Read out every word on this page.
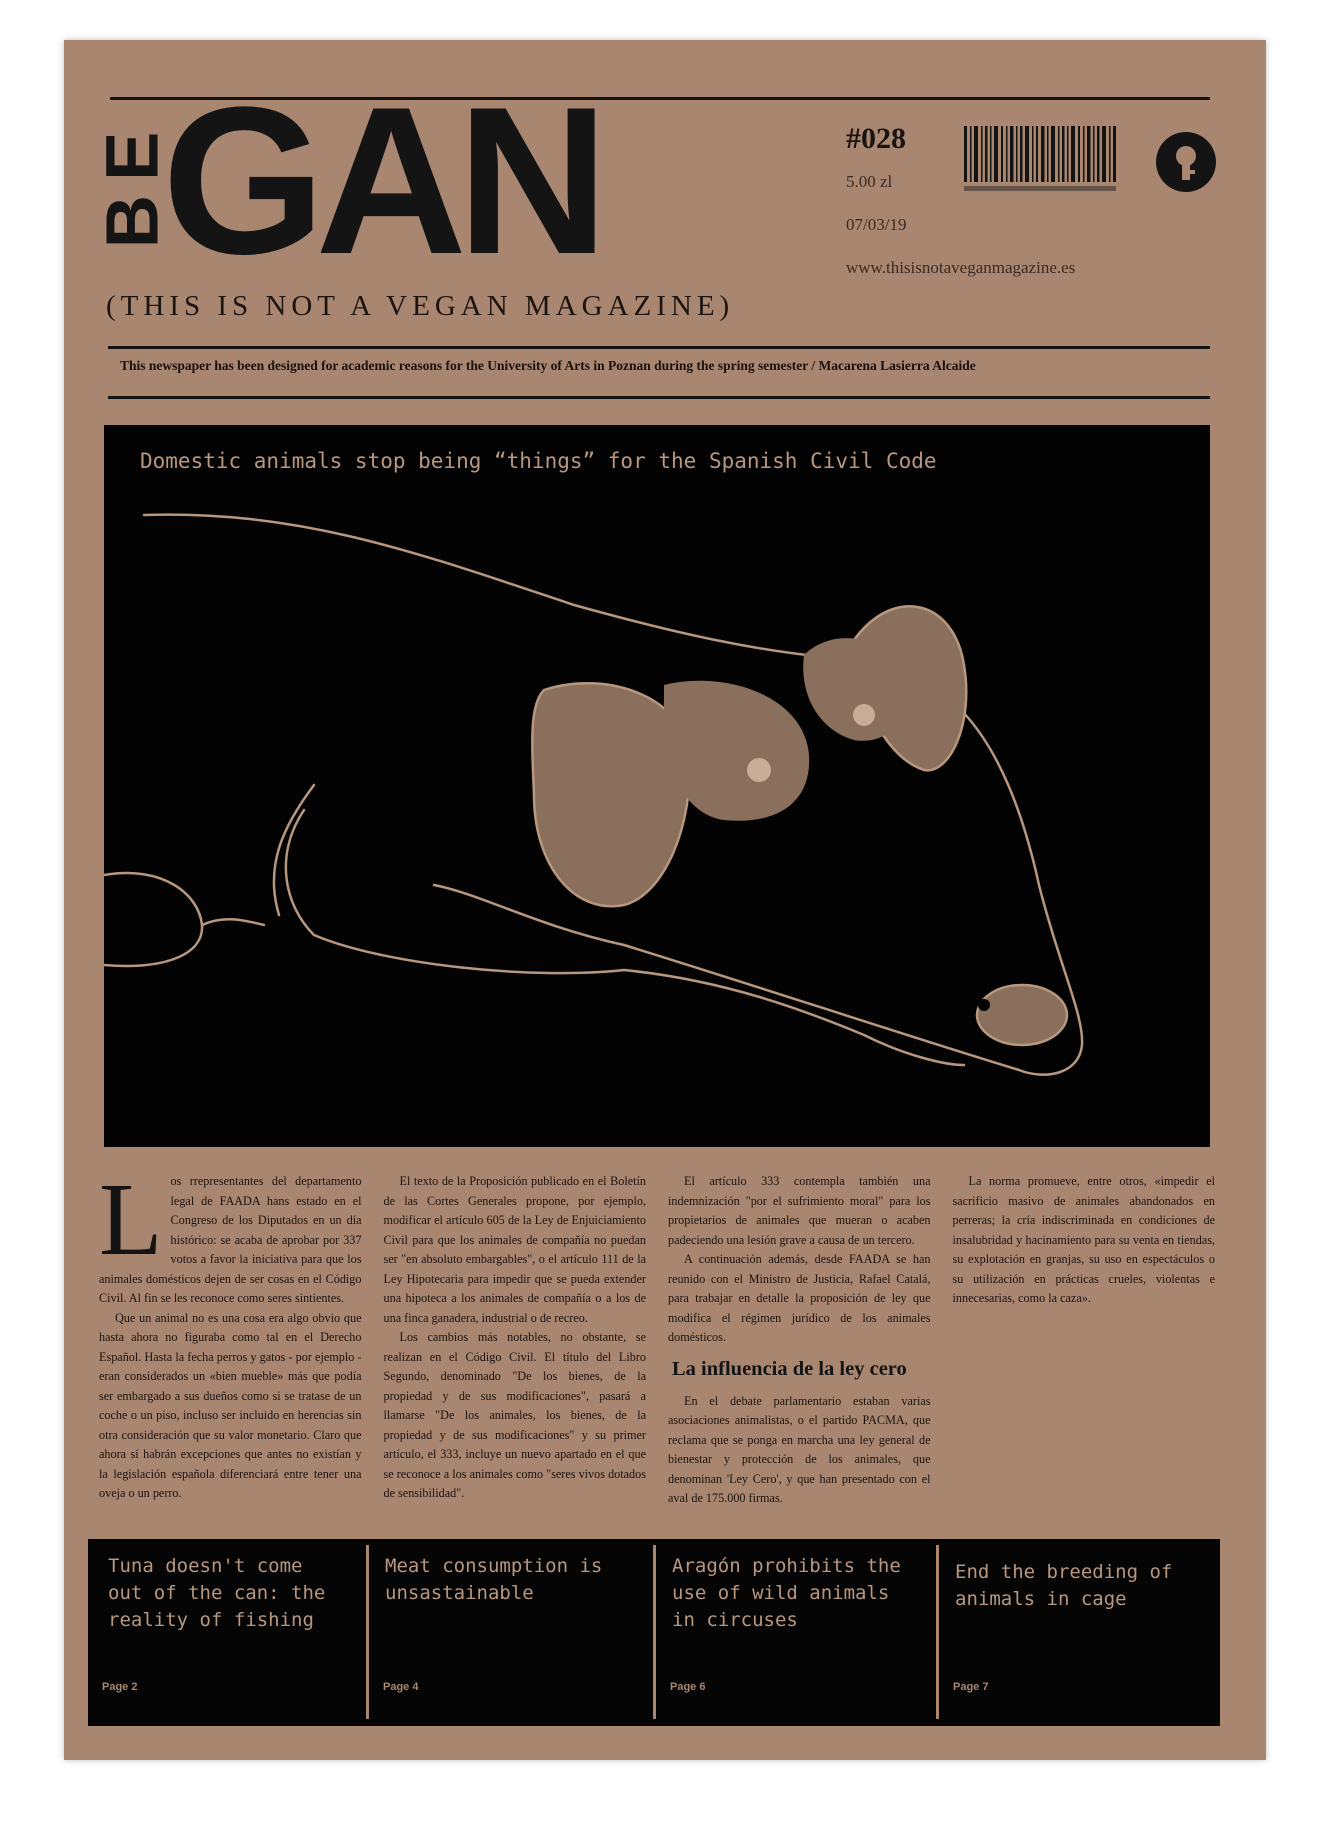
BE
GAN
(THIS IS NOT A VEGAN MAGAZINE)
#028
5.00 zl
07/03/19
www.thisisnotaveganmagazine.es
This newspaper has been designed for academic reasons for the University of Arts in Poznan during the spring semester / Macarena Lasierra Alcaide
Domestic animals stop being “things” for the Spanish Civil Code

Los rrepresentantes del departamento legal de FAADA hans estado en el Congreso de los Diputados en un día histórico: se acaba de aprobar por 337 votos a favor la iniciativa para que los animales domésticos dejen de ser cosas en el Código Civil. Al fin se les reconoce como seres sintientes.

Que un animal no es una cosa era algo obvio que hasta ahora no figuraba como tal en el Derecho Español. Hasta la fecha perros y gatos - por ejemplo - eran considerados un «bien mueble» más que podía ser embargado a sus dueños como si se tratase de un coche o un piso, incluso ser incluido en herencias sin otra consideración que su valor monetario. Claro que ahora sí habrán excepciones que antes no existían y la legislación española diferenciará entre tener una oveja o un perro.

El texto de la Proposición publicado en el Boletín de las Cortes Generales propone, por ejemplo, modificar el artículo 605 de la Ley de Enjuiciamiento Civil para que los animales de compañía no puedan ser "en absoluto embargables", o el artículo 111 de la Ley Hipotecaria para impedir que se pueda extender una hipoteca a los animales de compañía o a los de una finca ganadera, industrial o de recreo.

Los cambios más notables, no obstante, se realizan en el Código Civil. El título del Libro Segundo, denominado "De los bienes, de la propiedad y de sus modificaciones", pasará a llamarse "De los animales, los bienes, de la propiedad y de sus modificaciones" y su primer artículo, el 333, incluye un nuevo apartado en el que se reconoce a los animales como "seres vivos dotados de sensibilidad".

El artículo 333 contempla también una indemnización "por el sufrimiento moral" para los propietarios de animales que mueran o acaben padeciendo una lesión grave a causa de un tercero.

A continuación además, desde FAADA se han reunido con el Ministro de Justicia, Rafael Catalá, para trabajar en detalle la proposición de ley que modifica el régimen jurídico de los animales domésticos.

La influencia de la ley cero

En el debate parlamentario estaban varias asociaciones animalistas, o el partido PACMA, que reclama que se ponga en marcha una ley general de bienestar y protección de los animales, que denominan 'Ley Cero', y que han presentado con el aval de 175.000 firmas.

La norma promueve, entre otros, «impedir el sacrificio masivo de animales abandonados en perreras; la cría indiscriminada en condiciones de insalubridad y hacinamiento para su venta en tiendas, su explotación en granjas, su uso en espectáculos o su utilización en prácticas crueles, violentas e innecesarias, como la caza».

Tuna doesn't come out of the can: the reality of fishing
Page 2
Meat consumption is unsastainable
Page 4
Aragón prohibits the use of wild animals in circuses
Page 6
End the breeding of animals in cage
Page 7
